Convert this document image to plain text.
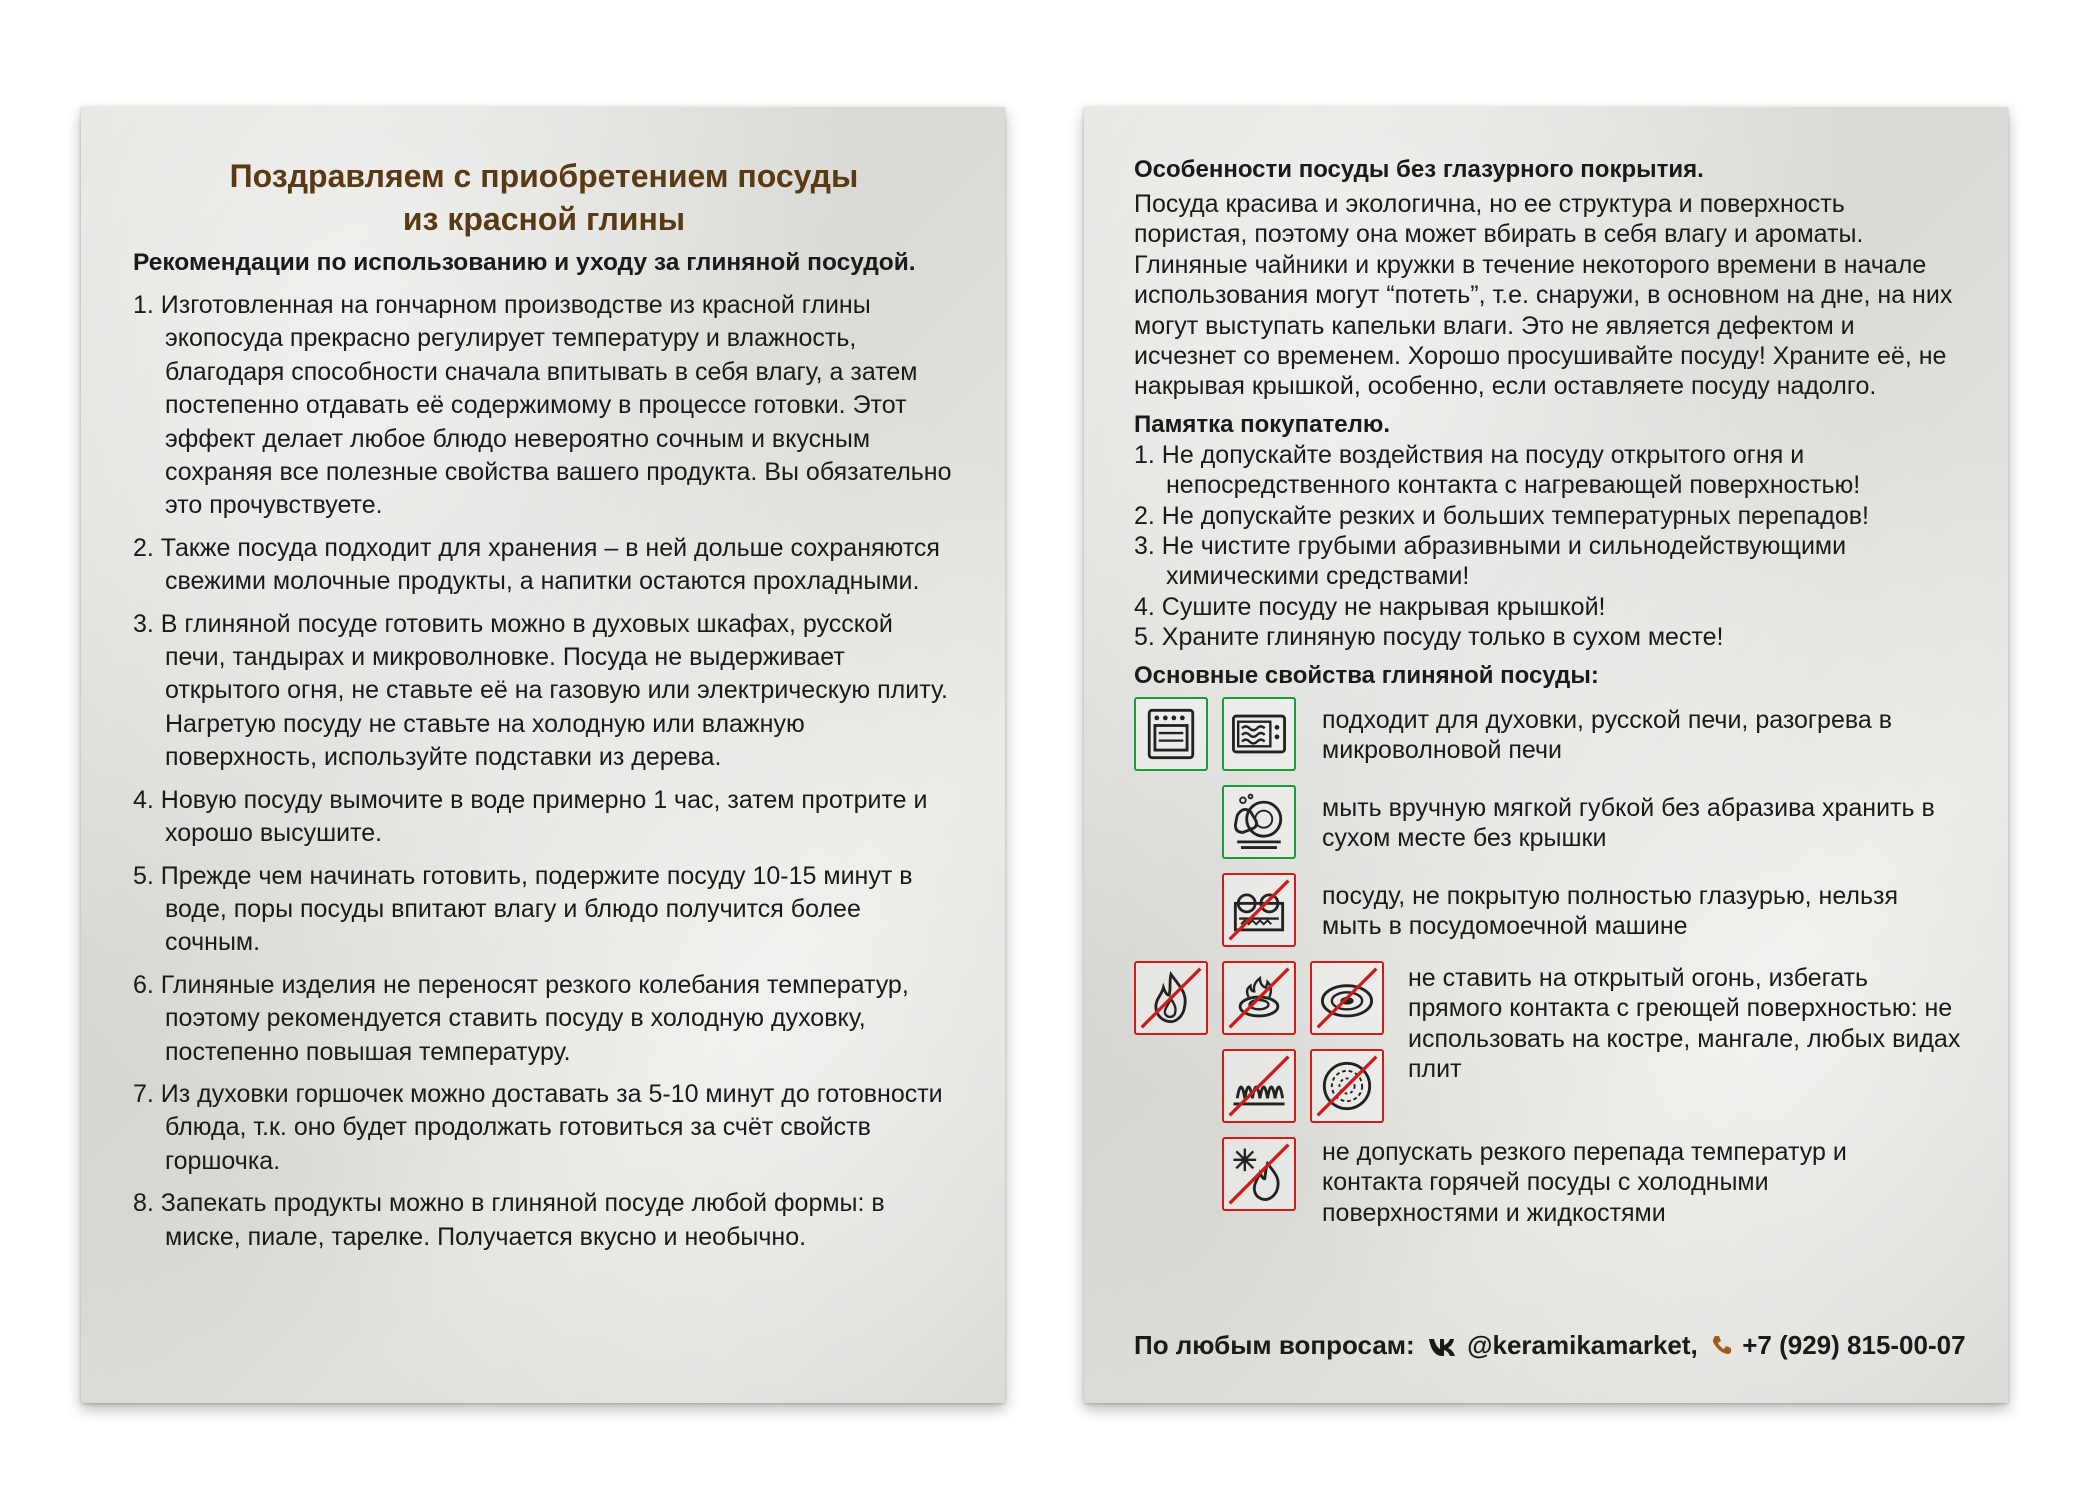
Поздравляем с приобретением посуды
из красной глины

Рекомендации по использованию и уходу за глиняной посудой.

1. Изготовленная на гончарном производстве из красной глины экопосуда прекрасно регулирует температуру и влажность, благодаря способности сначала впитывать в себя влагу, а затем постепенно отдавать её содержимому в процессе готовки. Этот эффект делает любое блюдо невероятно сочным и вкусным сохраняя все полезные свойства вашего продукта. Вы обязательно это прочувствуете.
2. Также посуда подходит для хранения – в ней дольше сохраняются свежими молочные продукты, а напитки остаются прохладными.
3. В глиняной посуде готовить можно в духовых шкафах, русской печи, тандырах и микроволновке. Посуда не выдерживает открытого огня, не ставьте её на газовую или электрическую плиту. Нагретую посуду не ставьте на холодную или влажную поверхность, используйте подставки из дерева.
4. Новую посуду вымочите в воде примерно 1 час, затем протрите и хорошо высушите.
5. Прежде чем начинать готовить, подержите посуду 10-15 минут в воде, поры посуды впитают влагу и блюдо получится более сочным.
6. Глиняные изделия не переносят резкого колебания температур, поэтому рекомендуется ставить посуду в холодную духовку, постепенно повышая температуру.
7. Из духовки горшочек можно доставать за 5-10 минут до готовности блюда, т.к. оно будет продолжать готовиться за счёт свойств горшочка.
8. Запекать продукты можно в глиняной посуде любой формы: в миске, пиале, тарелке. Получается вкусно и необычно.

Особенности посуды без глазурного покрытия.

Посуда красива и экологична, но ее структура и поверхность пористая, поэтому она может вбирать в себя влагу и ароматы. Глиняные чайники и кружки в течение некоторого времени в начале использования могут “потеть”, т.е. снаружи, в основном на дне, на них могут выступать капельки влаги. Это не является дефектом и исчезнет со временем. Хорошо просушивайте посуду! Храните её, не накрывая крышкой, особенно, если оставляете посуду надолго.

Памятка покупателю.

1. Не допускайте воздействия на посуду открытого огня и непосредственного контакта с нагревающей поверхностью!
2. Не допускайте резких и больших температурных перепадов!
3. Не чистите грубыми абразивными и сильнодействующими химическими средствами!
4. Сушите посуду не накрывая крышкой!
5. Храните глиняную посуду только в сухом месте!

Основные свойства глиняной посуды:

подходит для духовки, русской печи, разогрева в микроволновой печи
мыть вручную мягкой губкой без абразива хранить в сухом месте без крышки
посуду, не покрытую полностью глазурью, нельзя мыть в посудомоечной машине
не ставить на открытый огонь, избегать прямого контакта с греющей поверхностью: не использовать на костре, мангале, любых видах плит
не допускать резкого перепада температур и контакта горячей посуды с холодными поверхностями и жидкостями
По любым вопросам: @keramikamarket, +7 (929) 815-00-07
